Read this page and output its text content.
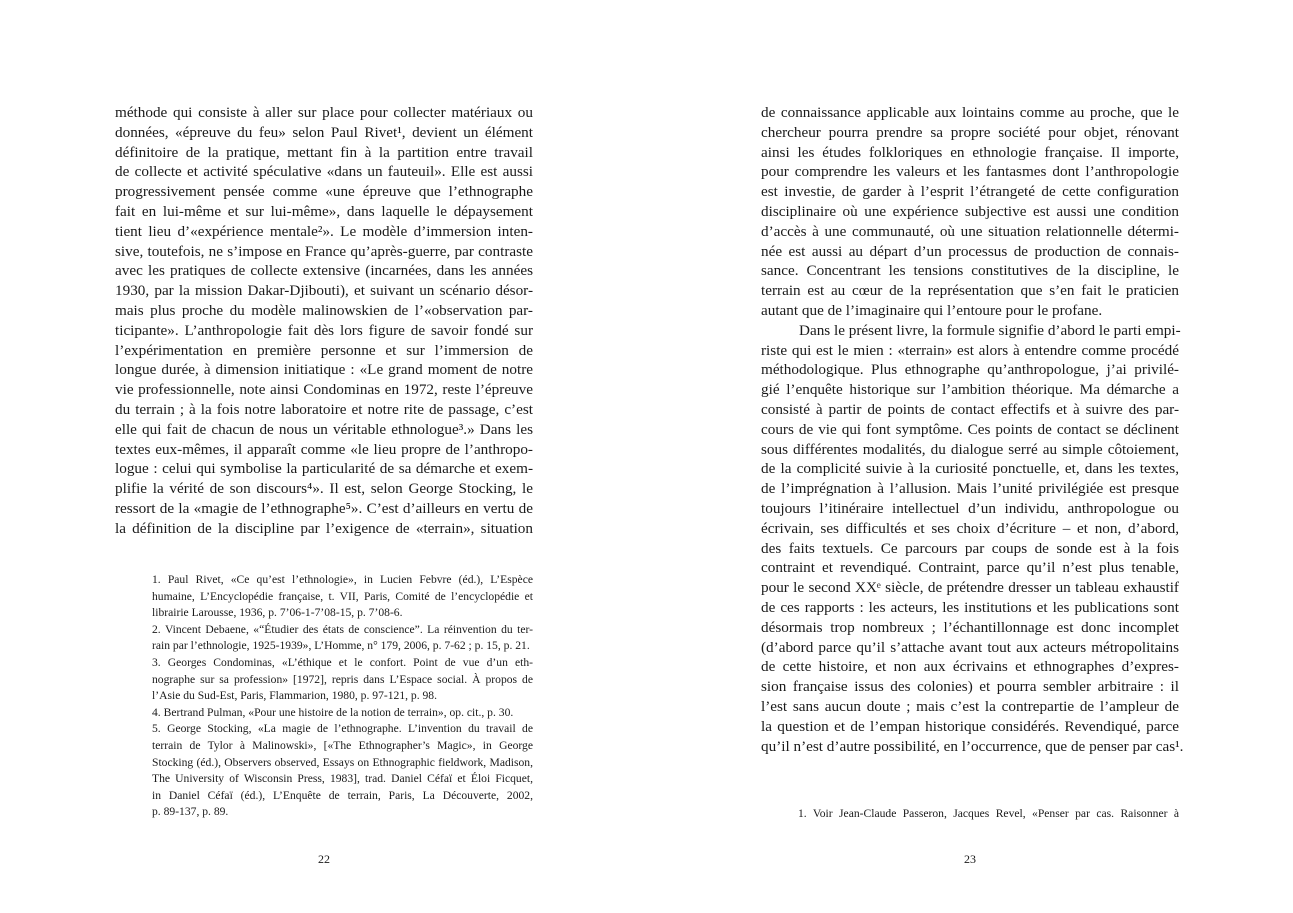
méthode qui consiste à aller sur place pour collecter matériaux ou
données, «épreuve du feu» selon Paul Rivet¹, devient un élément
définitoire de la pratique, mettant fin à la partition entre travail
de collecte et activité spéculative «dans un fauteuil». Elle est aussi
progressivement pensée comme «une épreuve que l’ethnographe
fait en lui-même et sur lui-même», dans laquelle le dépaysement
tient lieu d’«expérience mentale²». Le modèle d’immersion inten-
sive, toutefois, ne s’impose en France qu’après-guerre, par contraste
avec les pratiques de collecte extensive (incarnées, dans les années
1930, par la mission Dakar-Djibouti), et suivant un scénario désor-
mais plus proche du modèle malinowskien de l’«observation par-
ticipante». L’anthropologie fait dès lors figure de savoir fondé sur
l’expérimentation en première personne et sur l’immersion de
longue durée, à dimension initiatique : «Le grand moment de notre
vie professionnelle, note ainsi Condominas en 1972, reste l’épreuve
du terrain ; à la fois notre laboratoire et notre rite de passage, c’est
elle qui fait de chacun de nous un véritable ethnologue³.» Dans les
textes eux-mêmes, il apparaît comme «le lieu propre de l’anthropo-
logue : celui qui symbolise la particularité de sa démarche et exem-
plifie la vérité de son discours⁴». Il est, selon George Stocking, le
ressort de la «magie de l’ethnographe⁵». C’est d’ailleurs en vertu de
la définition de la discipline par l’exigence de «terrain», situation
1. Paul Rivet, «Ce qu’est l’ethnologie», in Lucien Febvre (éd.), L’Espèce
humaine, L’Encyclopédie française, t. VII, Paris, Comité de l’encyclopédie et
librairie Larousse, 1936, p. 7’06-1-7’08-15, p. 7’08-6.
2. Vincent Debaene, «“Étudier des états de conscience”. La réinvention du ter-
rain par l’ethnologie, 1925-1939», L’Homme, n° 179, 2006, p. 7-62 ; p. 15, p. 21.
3. Georges Condominas, «L’éthique et le confort. Point de vue d’un eth-
nographe sur sa profession» [1972], repris dans L’Espace social. À propos de
l’Asie du Sud-Est, Paris, Flammarion, 1980, p. 97-121, p. 98.
4. Bertrand Pulman, «Pour une histoire de la notion de terrain», op. cit., p. 30.
5. George Stocking, «La magie de l’ethnographe. L’invention du travail de
terrain de Tylor à Malinowski», [«The Ethnographer’s Magic», in George
Stocking (éd.), Observers observed, Essays on Ethnographic fieldwork, Madison,
The University of Wisconsin Press, 1983], trad. Daniel Céfaï et Éloi Ficquet,
in Daniel Céfaï (éd.), L’Enquête de terrain, Paris, La Découverte, 2002,
p. 89-137, p. 89.
22
de connaissance applicable aux lointains comme au proche, que le
chercheur pourra prendre sa propre société pour objet, rénovant
ainsi les études folkloriques en ethnologie française. Il importe,
pour comprendre les valeurs et les fantasmes dont l’anthropologie
est investie, de garder à l’esprit l’étrangeté de cette configuration
disciplinaire où une expérience subjective est aussi une condition
d’accès à une communauté, où une situation relationnelle détermi-
née est aussi au départ d’un processus de production de connais-
sance. Concentrant les tensions constitutives de la discipline, le
terrain est au cœur de la représentation que s’en fait le praticien
autant que de l’imaginaire qui l’entoure pour le profane.
Dans le présent livre, la formule signifie d’abord le parti empi-
riste qui est le mien : «terrain» est alors à entendre comme procédé
méthodologique. Plus ethnographe qu’anthropologue, j’ai privilé-
gié l’enquête historique sur l’ambition théorique. Ma démarche a
consisté à partir de points de contact effectifs et à suivre des par-
cours de vie qui font symptôme. Ces points de contact se déclinent
sous différentes modalités, du dialogue serré au simple côtoiement,
de la complicité suivie à la curiosité ponctuelle, et, dans les textes,
de l’imprégnation à l’allusion. Mais l’unité privilégiée est presque
toujours l’itinéraire intellectuel d’un individu, anthropologue ou
écrivain, ses difficultés et ses choix d’écriture – et non, d’abord,
des faits textuels. Ce parcours par coups de sonde est à la fois
contraint et revendiqué. Contraint, parce qu’il n’est plus tenable,
pour le second XXᵉ siècle, de prétendre dresser un tableau exhaustif
de ces rapports : les acteurs, les institutions et les publications sont
désormais trop nombreux ; l’échantillonnage est donc incomplet
(d’abord parce qu’il s’attache avant tout aux acteurs métropolitains
de cette histoire, et non aux écrivains et ethnographes d’expres-
sion française issus des colonies) et pourra sembler arbitraire : il
l’est sans aucun doute ; mais c’est la contrepartie de l’ampleur de
la question et de l’empan historique considérés. Revendiqué, parce
qu’il n’est d’autre possibilité, en l’occurrence, que de penser par cas¹.
1. Voir Jean-Claude Passeron, Jacques Revel, «Penser par cas. Raisonner à
23
